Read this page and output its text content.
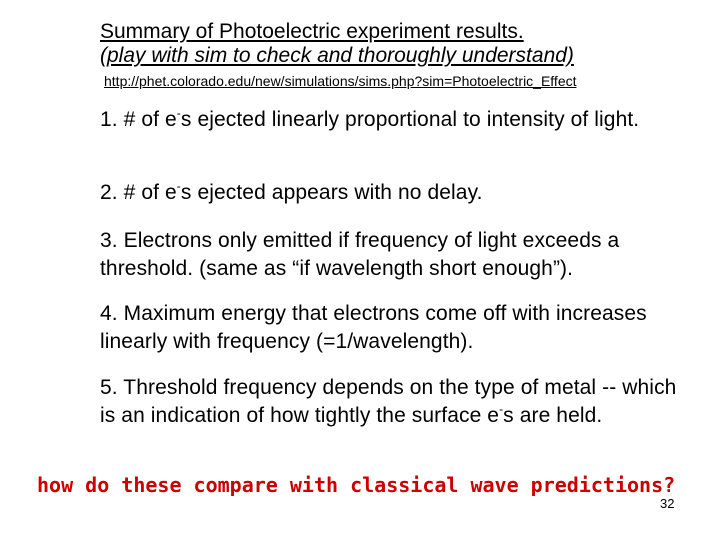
Summary of Photoelectric experiment results.
(play with sim to check and thoroughly understand)
http://phet.colorado.edu/new/simulations/sims.php?sim=Photoelectric_Effect
1. # of e-s ejected linearly proportional to intensity of light.
2. # of e-s ejected appears with no delay.
3. Electrons only emitted if frequency of light exceeds a threshold. (same as “if wavelength short enough”).
4. Maximum energy that electrons come off with increases linearly with frequency (=1/wavelength).
5. Threshold frequency depends on the type of metal -- which is an indication of how tightly the surface e-s are held.
how do these compare with classical wave predictions?
32
